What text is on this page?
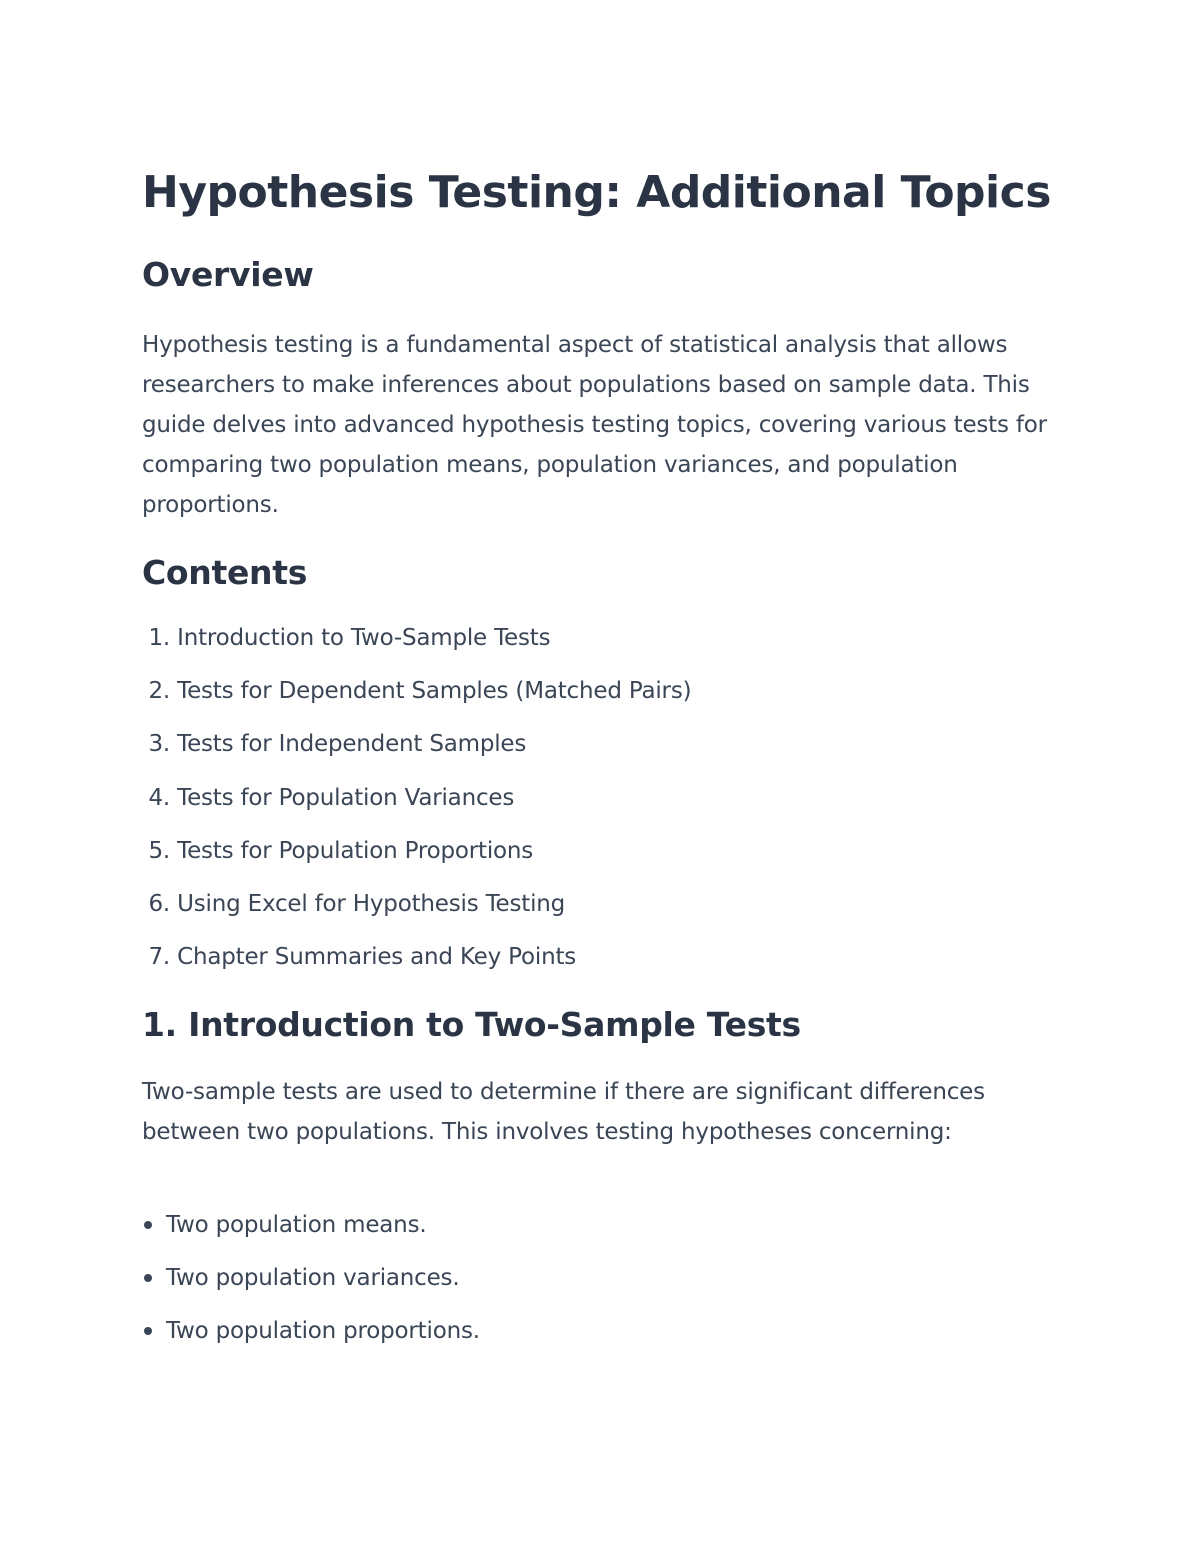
Hypothesis Testing: Additional Topics
Overview

Hypothesis testing is a fundamental aspect of statistical analysis that allows researchers to make inferences about populations based on sample data. This guide delves into advanced hypothesis testing topics, covering various tests for comparing two population means, population variances, and population proportions.

Contents
1. Introduction to Two-Sample Tests
2. Tests for Dependent Samples (Matched Pairs)
3. Tests for Independent Samples
4. Tests for Population Variances
5. Tests for Population Proportions
6. Using Excel for Hypothesis Testing
7. Chapter Summaries and Key Points
1. Introduction to Two-Sample Tests

Two-sample tests are used to determine if there are significant differences between two populations. This involves testing hypotheses concerning:

Two population means.
Two population variances.
Two population proportions.
